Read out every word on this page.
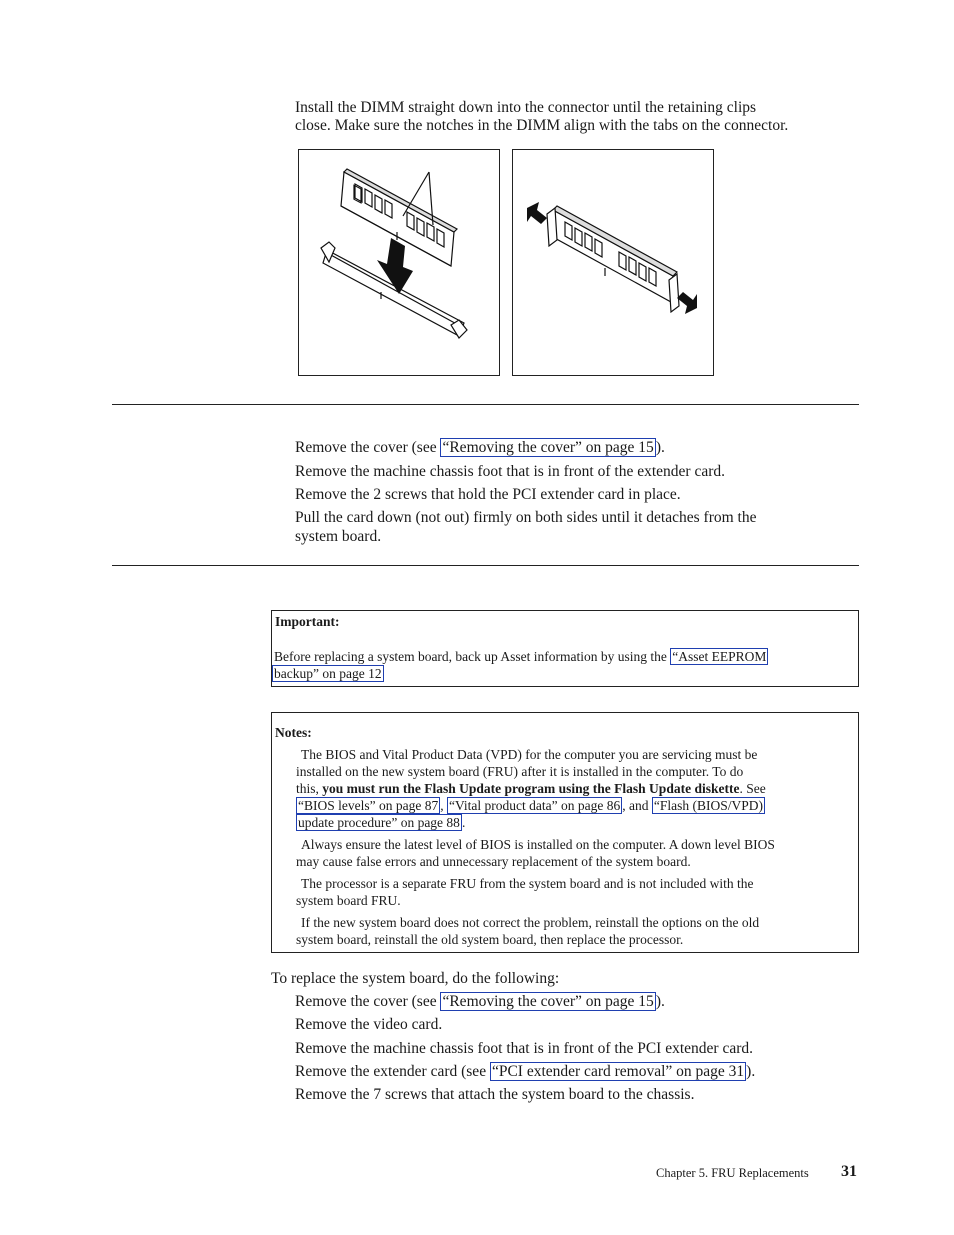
Install the DIMM straight down into the connector until the retaining clips
close. Make sure the notches in the DIMM align with the tabs on the connector.
Remove the cover (see “Removing the cover” on page 15 ).
Remove the machine chassis foot that is in front of the extender card.
Remove the 2 screws that hold the PCI extender card in place.
Pull the card down (not out) firmly on both sides until it detaches from the
system board.
Important:
Before replacing a system board, back up Asset information by using the “Asset EEPROM
backup” on page 12
Notes:
The BIOS and Vital Product Data (VPD) for the computer you are servicing must be
installed on the new system board (FRU) after it is installed in the computer. To do
this, you must run the Flash Update program using the Flash Update diskette. See
“BIOS levels” on page 87 , “Vital product data” on page 86 , and “Flash (BIOS/VPD)
update procedure” on page 88 .
Always ensure the latest level of BIOS is installed on the computer. A down level BIOS
may cause false errors and unnecessary replacement of the system board.
The processor is a separate FRU from the system board and is not included with the
system board FRU.
If the new system board does not correct the problem, reinstall the options on the old
system board, reinstall the old system board, then replace the processor.
To replace the system board, do the following:
Remove the cover (see “Removing the cover” on page 15 ).
Remove the video card.
Remove the machine chassis foot that is in front of the PCI extender card.
Remove the extender card (see “PCI extender card removal” on page 31 ).
Remove the 7 screws that attach the system board to the chassis.
Chapter 5. FRU Replacements 31
